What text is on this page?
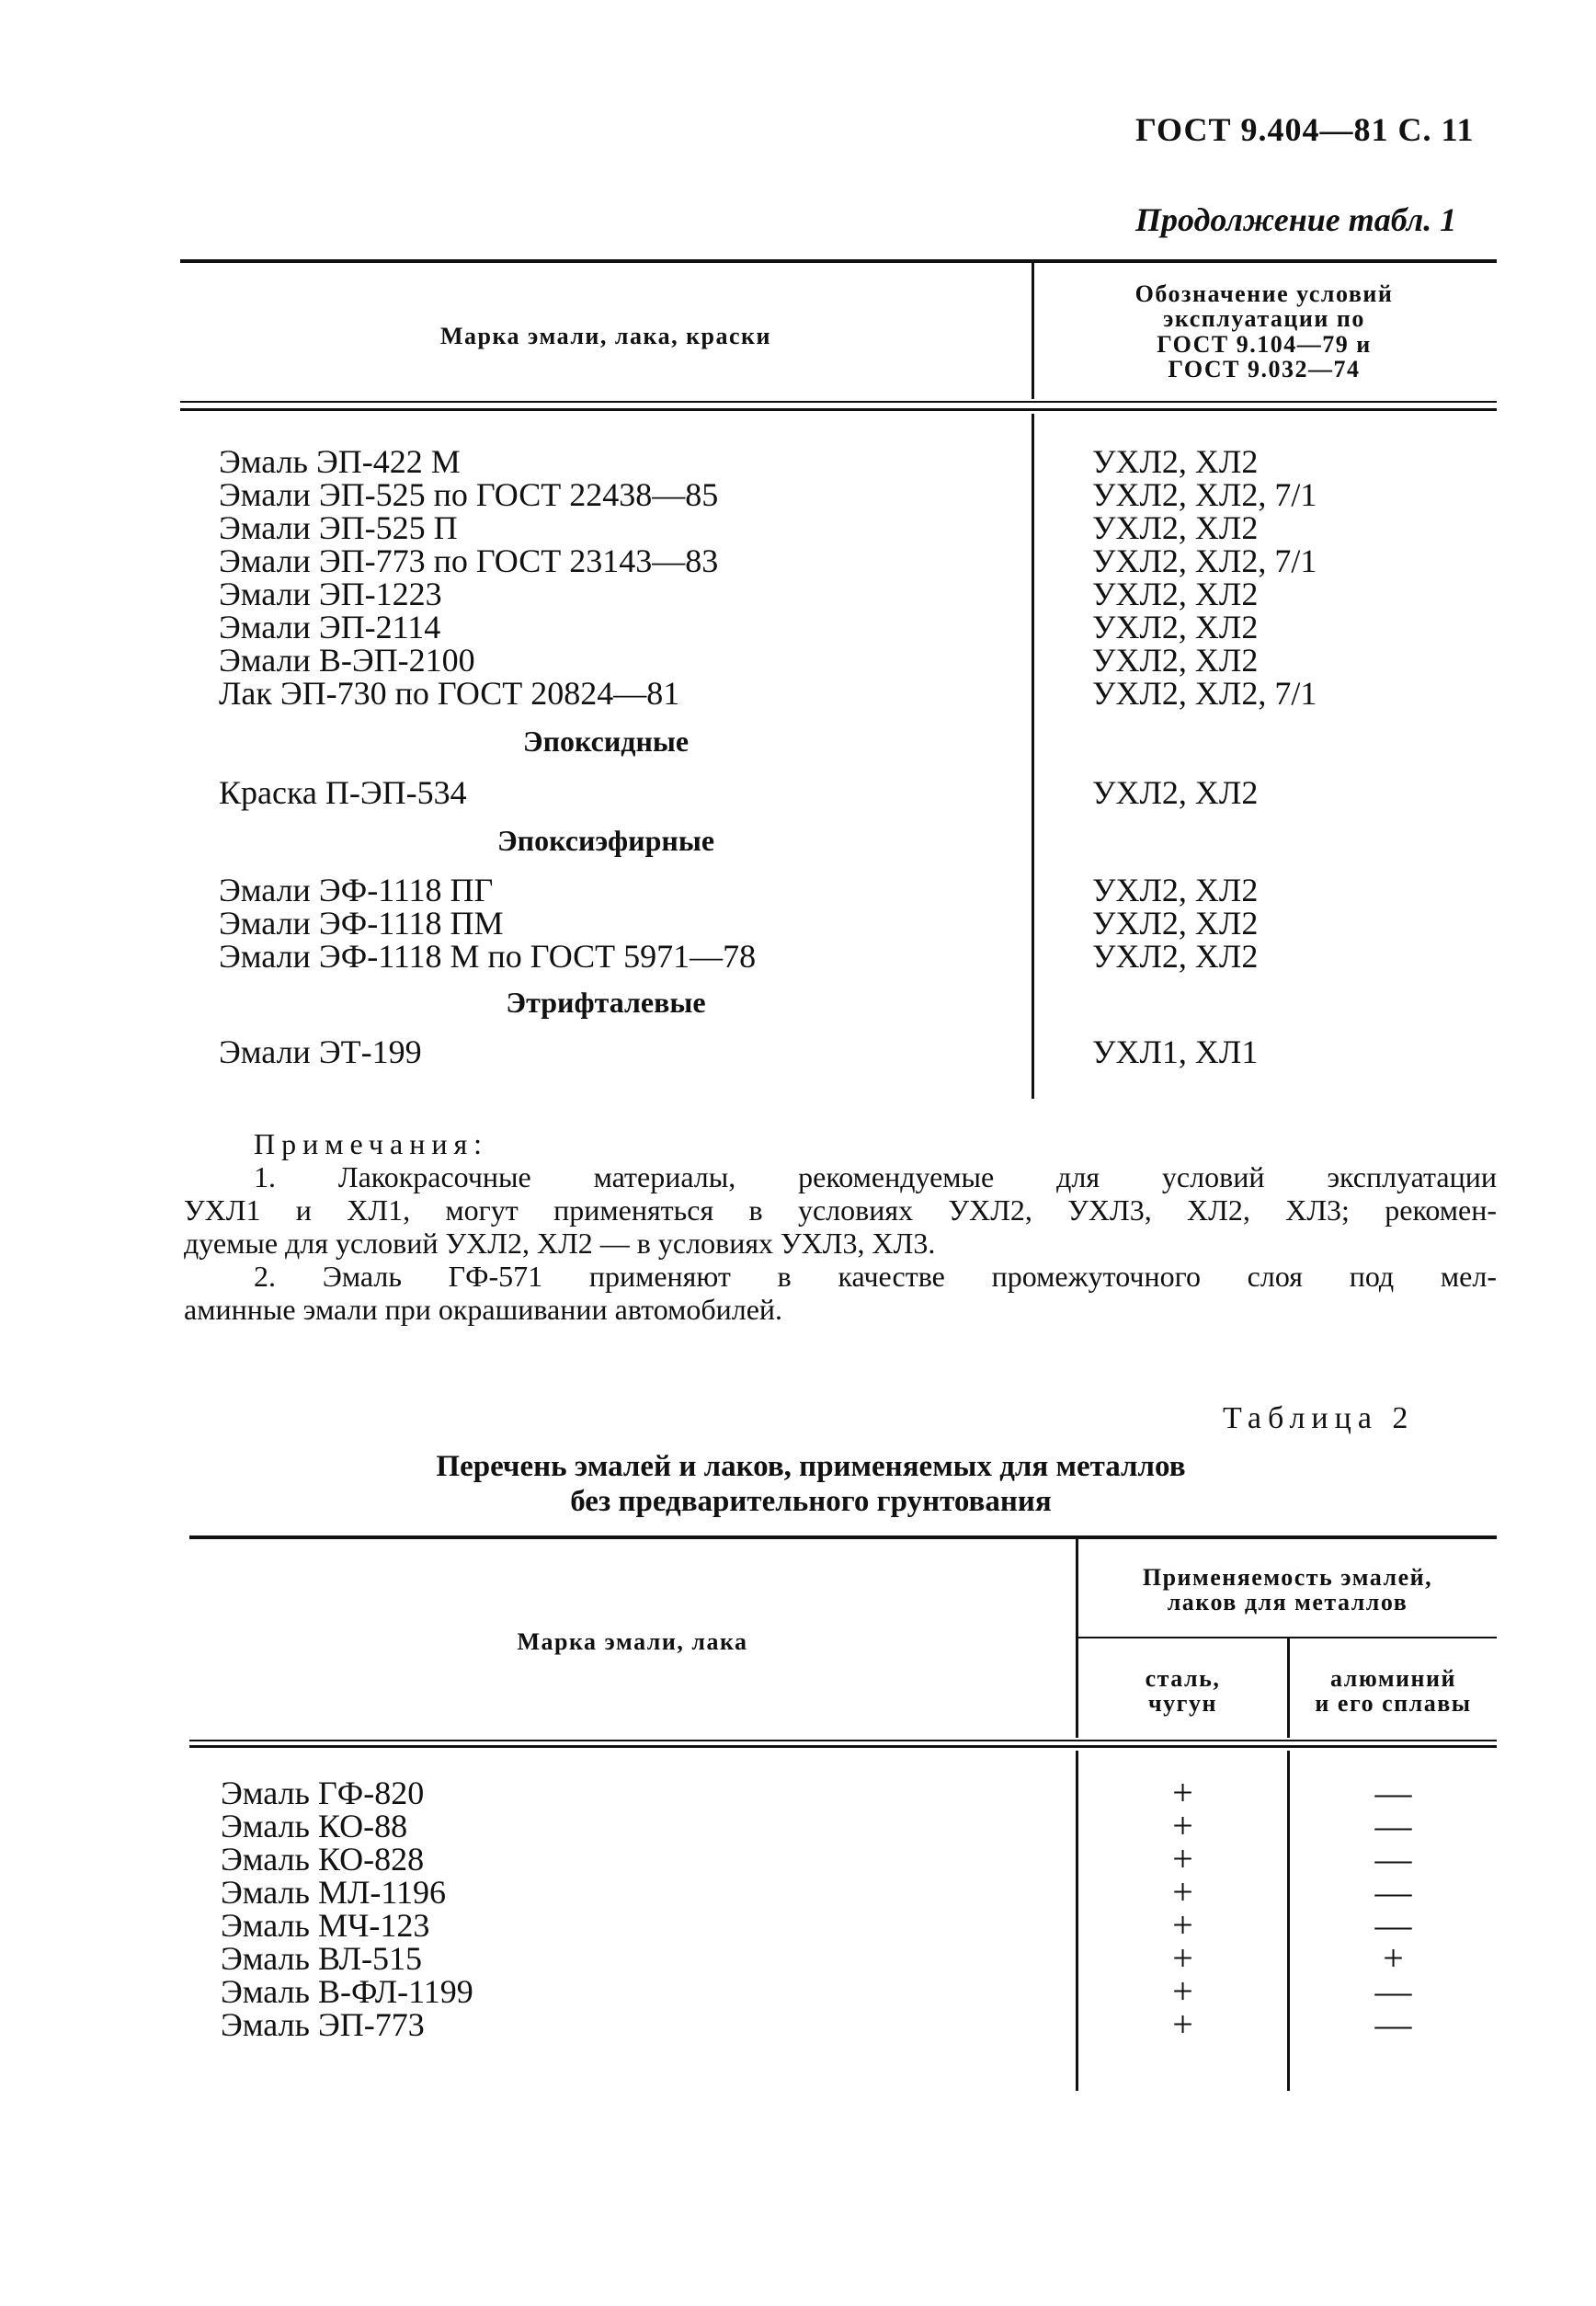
ГОСТ 9.404—81 С. 11
Продолжение табл. 1
Марка эмали, лака, краски
Обозначение условий
эксплуатации по
ГОСТ 9.104—79 и
ГОСТ 9.032—74
Эмаль ЭП-422 М
Эмали ЭП-525 по ГОСТ 22438—85
Эмали ЭП-525 П
Эмали ЭП-773 по ГОСТ 23143—83
Эмали ЭП-1223
Эмали ЭП-2114
Эмали В-ЭП-2100
Лак ЭП-730 по ГОСТ 20824—81
УХЛ2, ХЛ2
УХЛ2, ХЛ2, 7/1
УХЛ2, ХЛ2
УХЛ2, ХЛ2, 7/1
УХЛ2, ХЛ2
УХЛ2, ХЛ2
УХЛ2, ХЛ2
УХЛ2, ХЛ2, 7/1
Эпоксидные
Краска П-ЭП-534	УХЛ2, ХЛ2
Эпоксиэфирные
Эмали ЭФ-1118 ПГ
Эмали ЭФ-1118 ПМ
Эмали ЭФ-1118 М по ГОСТ 5971—78
УХЛ2, ХЛ2
УХЛ2, ХЛ2
УХЛ2, ХЛ2
Этрифталевые
Эмали ЭТ-199	УХЛ1, ХЛ1
Примечания:
1. Лакокрасочные материалы, рекомендуемые для условий эксплуатации
УХЛ1 и ХЛ1, могут применяться в условиях УХЛ2, УХЛ3, ХЛ2, ХЛ3; рекомен-
дуемые для условий УХЛ2, ХЛ2 — в условиях УХЛ3, ХЛ3.
2. Эмаль ГФ-571 применяют в качестве промежуточного слоя под мел-
аминные эмали при окрашивании автомобилей.
Таблица 2
Перечень эмалей и лаков, применяемых для металлов
без предварительного грунтования
Марка эмали, лака
Применяемость эмалей,
лаков для металлов
сталь,
чугун
алюминий
и его сплавы
Эмаль ГФ-820
Эмаль КО-88
Эмаль КО-828
Эмаль МЛ-1196
Эмаль МЧ-123
Эмаль ВЛ-515
Эмаль В-ФЛ-1199
Эмаль ЭП-773
+
+
+
+
+
+
+
+
—
—
—
—
—
+
—
—
